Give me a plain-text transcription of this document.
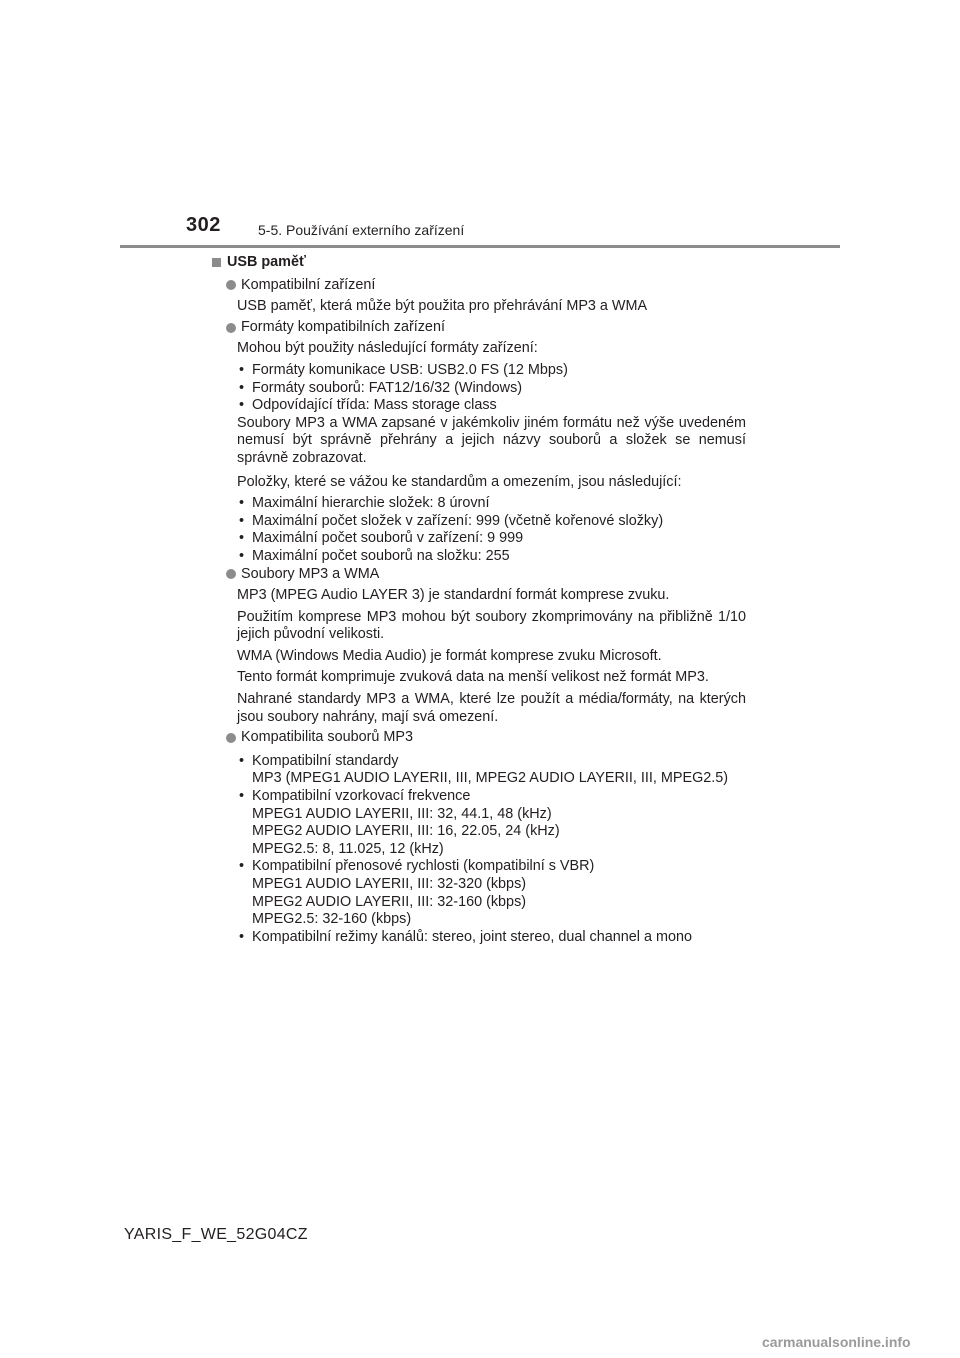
302	5-5. Používání externího zařízení
USB paměť
Kompatibilní zařízení

USB paměť, která může být použita pro přehrávání MP3 a WMA

Formáty kompatibilních zařízení

Mohou být použity následující formáty zařízení:

• Formáty komunikace USB: USB2.0 FS (12 Mbps)
• Formáty souborů: FAT12/16/32 (Windows)
• Odpovídající třída: Mass storage class

Soubory MP3 a WMA zapsané v jakémkoliv jiném formátu než výše uvedeném nemusí být správně přehrány a jejich názvy souborů a složek se nemusí správně zobrazovat.

Položky, které se vážou ke standardům a omezením, jsou následující:

• Maximální hierarchie složek: 8 úrovní
• Maximální počet složek v zařízení: 999 (včetně kořenové složky)
• Maximální počet souborů v zařízení: 9 999
• Maximální počet souborů na složku: 255
Soubory MP3 a WMA

MP3 (MPEG Audio LAYER 3) je standardní formát komprese zvuku.

Použitím komprese MP3 mohou být soubory zkomprimovány na přibližně 1/10 jejich původní velikosti.

WMA (Windows Media Audio) je formát komprese zvuku Microsoft.

Tento formát komprimuje zvuková data na menší velikost než formát MP3.

Nahrané standardy MP3 a WMA, které lze použít a média/formáty, na kterých jsou soubory nahrány, mají svá omezení.

Kompatibilita souborů MP3
• Kompatibilní standardy
MP3 (MPEG1 AUDIO LAYERII, III, MPEG2 AUDIO LAYERII, III, MPEG2.5)
• Kompatibilní vzorkovací frekvence
MPEG1 AUDIO LAYERII, III: 32, 44.1, 48 (kHz)
MPEG2 AUDIO LAYERII, III: 16, 22.05, 24 (kHz)
MPEG2.5: 8, 11.025, 12 (kHz)
• Kompatibilní přenosové rychlosti (kompatibilní s VBR)
MPEG1 AUDIO LAYERII, III: 32-320 (kbps)
MPEG2 AUDIO LAYERII, III: 32-160 (kbps)
MPEG2.5: 32-160 (kbps)
• Kompatibilní režimy kanálů: stereo, joint stereo, dual channel a mono
YARIS_F_WE_52G04CZ
carmanualsonline.info
